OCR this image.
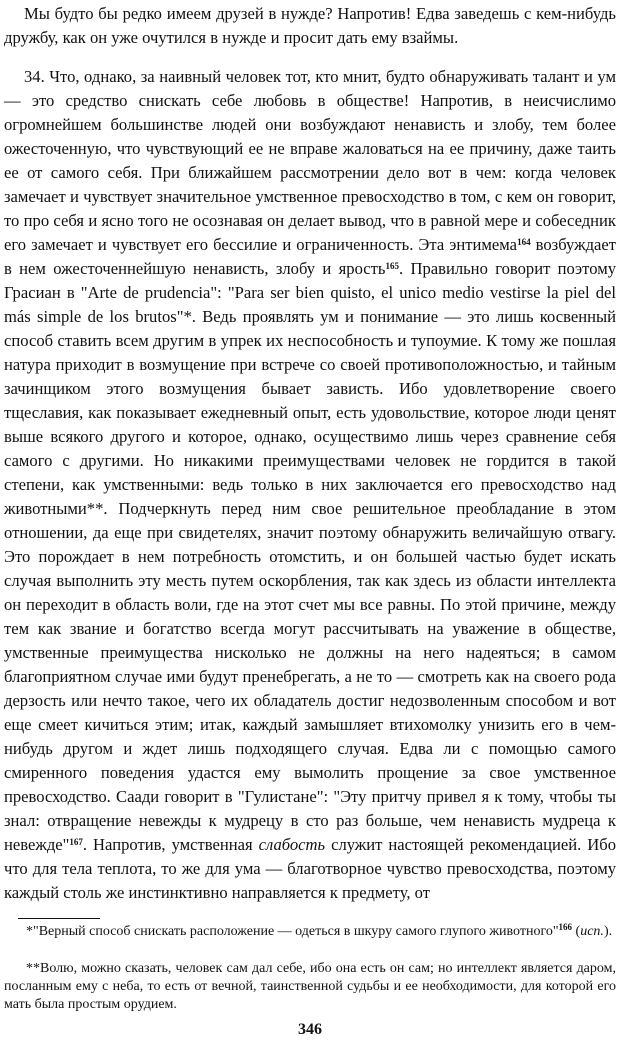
Мы будто бы редко имеем друзей в нужде? Напротив! Едва заведешь с кем-нибудь дружбу, как он уже очутился в нужде и просит дать ему взаймы.

34. Что, однако, за наивный человек тот, кто мнит, будто обнаруживать талант и ум — это средство снискать себе любовь в обществе! Напротив, в неисчислимо огромнейшем большинстве людей они возбуждают ненависть и злобу, тем более ожесточенную, что чувствующий ее не вправе жаловаться на ее причину, даже таить ее от самого себя. При ближайшем рассмотрении дело вот в чем: когда человек замечает и чувствует значительное умственное превосходство в том, с кем он говорит, то про себя и ясно того не осознавая он делает вывод, что в равной мере и собеседник его замечает и чувствует его бессилие и ограниченность. Эта энтимема$^{164}$ возбуждает в нем ожесточеннейшую ненависть, злобу и ярость$^{165}$. Правильно говорит поэтому Грасиан в "Arte de prudencia": "Para ser bien quisto, el unico medio vestirse la piel del más simple de los brutos"*. Ведь проявлять ум и понимание — это лишь косвенный способ ставить всем другим в упрек их неспособность и тупоумие. К тому же пошлая натура приходит в возмущение при встрече со своей противоположностью, и тайным зачинщиком этого возмущения бывает зависть. Ибо удовлетворение своего тщеславия, как показывает ежедневный опыт, есть удовольствие, которое люди ценят выше всякого другого и которое, однако, осуществимо лишь через сравнение себя самого с другими. Но никакими преимуществами человек не гордится в такой степени, как умственными: ведь только в них заключается его превосходство над животными**. Подчеркнуть перед ним свое решительное преобладание в этом отношении, да еще при свидетелях, значит поэтому обнаружить величайшую отвагу. Это порождает в нем потребность отомстить, и он большей частью будет искать случая выполнить эту месть путем оскорбления, так как здесь из области интеллекта он переходит в область воли, где на этот счет мы все равны. По этой причине, между тем как звание и богатство всегда могут рассчитывать на уважение в обществе, умственные преимущества нисколько не должны на него надеяться; в самом благоприятном случае ими будут пренебрегать, а не то — смотреть как на своего рода дерзость или нечто такое, чего их обладатель достиг недозволенным способом и вот еще смеет кичиться этим; итак, каждый замышляет втихомолку унизить его в чем-нибудь другом и ждет лишь подходящего случая. Едва ли с помощью самого смиренного поведения удастся ему вымолить прощение за свое умственное превосходство. Саади говорит в "Гулистане": "Эту притчу привел я к тому, чтобы ты знал: отвращение невежды к мудрецу в сто раз больше, чем ненависть мудреца к невежде"$^{167}$. Напротив, умственная слабость служит настоящей рекомендацией. Ибо что для тела теплота, то же для ума — благотворное чувство превосходства, поэтому каждый столь же инстинктивно направляется к предмету, от

*"Верный способ снискать расположение — одеться в шкуру самого глупого животного"$^{166}$ (исп.).

**Волю, можно сказать, человек сам дал себе, ибо она есть он сам; но интеллект является даром, посланным ему с неба, то есть от вечной, таинственной судьбы и ее необходимости, для которой его мать была простым орудием.

346
